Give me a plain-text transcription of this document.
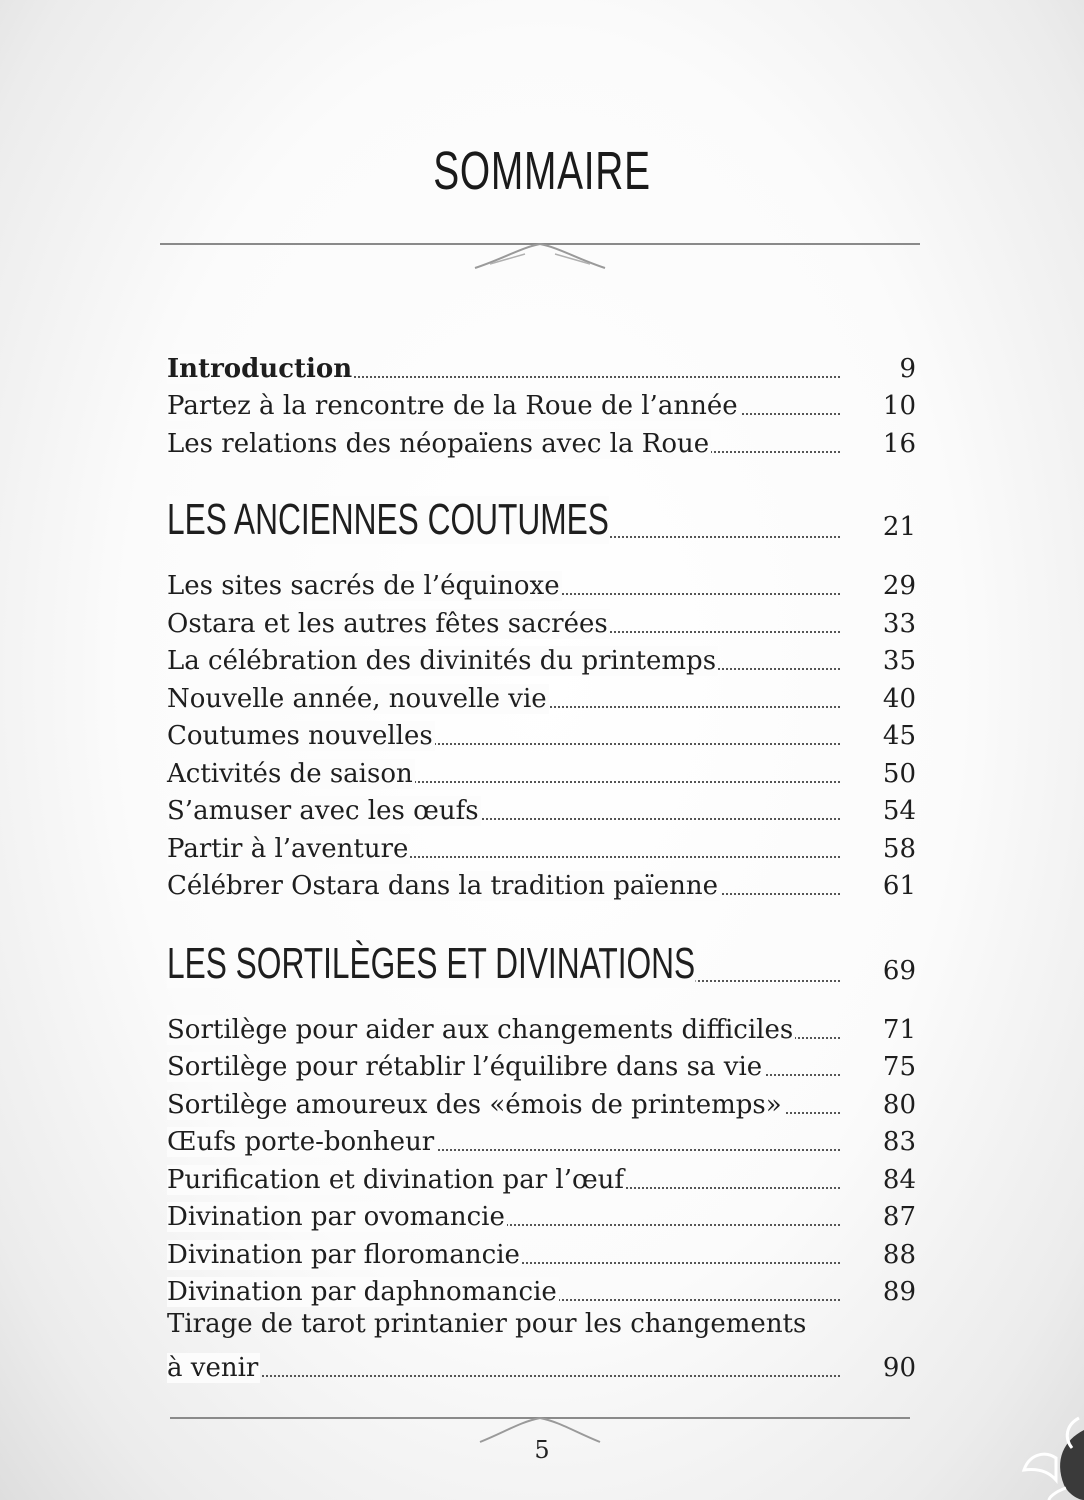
SOMMAIRE
Introduction	9
Partez à la rencontre de la Roue de l’année	10
Les relations des néopaïens avec la Roue	16
LES ANCIENNES COUTUMES	21
Les sites sacrés de l’équinoxe	29
Ostara et les autres fêtes sacrées	33
La célébration des divinités du printemps	35
Nouvelle année, nouvelle vie	40
Coutumes nouvelles	45
Activités de saison	50
S’amuser avec les œufs	54
Partir à l’aventure	58
Célébrer Ostara dans la tradition païenne	61
LES SORTILÈGES ET DIVINATIONS	69
Sortilège pour aider aux changements difficiles	71
Sortilège pour rétablir l’équilibre dans sa vie	75
Sortilège amoureux des «émois de printemps»	80
Œufs porte-bonheur	83
Purification et divination par l’œuf	84
Divination par ovomancie	87
Divination par floromancie	88
Divination par daphnomancie	89
Tirage de tarot printanier pour les changements
à venir	90
5
